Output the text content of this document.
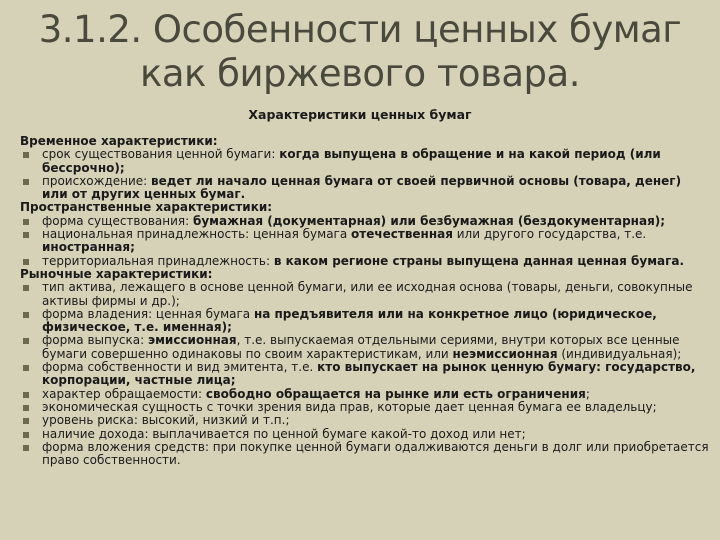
3.1.2. Особенности ценных бумаг
как биржевого товара.
Характеристики ценных бумаг
Временное характеристики:
срок существования ценной бумаги: когда выпущена в обращение и на какой период (или бессрочно);
происхождение: ведет ли начало ценная бумага от своей первичной основы (товара, денег) или от других ценных бумаг.
Пространственные характеристики:
форма существования: бумажная (документарная) или безбумажная (бездокументарная);
национальная принадлежность: ценная бумага отечественная или другого государства, т.е. иностранная;
территориальная принадлежность: в каком регионе страны выпущена данная ценная бумага.
Рыночные характеристики:
тип актива, лежащего в основе ценной бумаги, или ее исходная основа (товары, деньги, совокупные активы фирмы и др.);
форма владения: ценная бумага на предъявителя или на конкретное лицо (юридическое, физическое, т.е. именная);
форма выпуска: эмиссионная, т.е. выпускаемая отдельными сериями, внутри которых все ценные бумаги совершенно одинаковы по своим характеристикам, или неэмиссионная (индивидуальная);
форма собственности и вид эмитента, т.е. кто выпускает на рынок ценную бумагу: государство, корпорации, частные лица;
характер обращаемости: свободно обращается на рынке или есть ограничения;
экономическая сущность с точки зрения вида прав, которые дает ценная бумага ее владельцу;
уровень риска: высокий, низкий и т.п.;
наличие дохода: выплачивается по ценной бумаге какой-то доход или нет;
форма вложения средств: при покупке ценной бумаги одалживаются деньги в долг или приобретается право собственности.
